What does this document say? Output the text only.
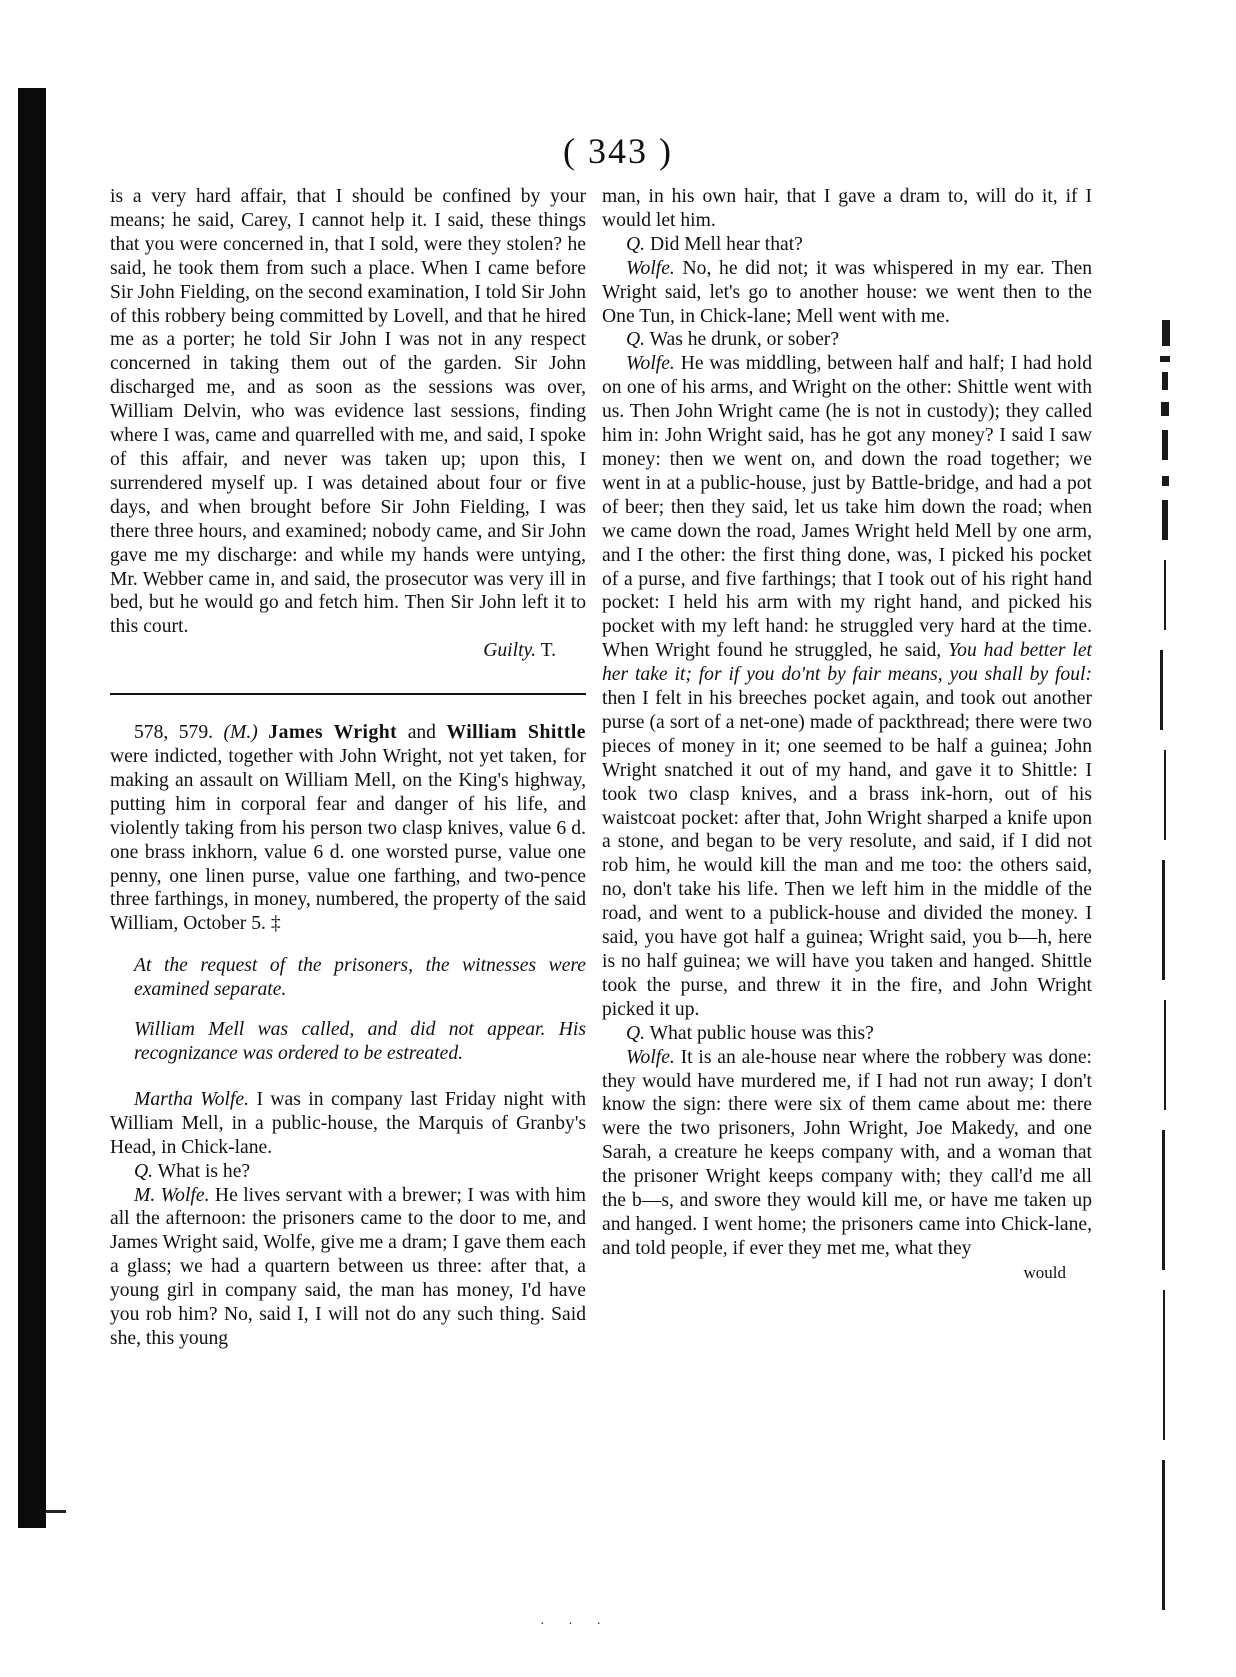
( 343 )

is a very hard affair, that I should be confined by your means; he said, Carey, I cannot help it. I said, these things that you were concerned in, that I sold, were they stolen? he said, he took them from such a place. When I came before Sir John Fielding, on the second examination, I told Sir John of this robbery being committed by Lovell, and that he hired me as a porter; he told Sir John I was not in any respect concerned in taking them out of the garden. Sir John discharged me, and as soon as the sessions was over, William Delvin, who was evidence last sessions, finding where I was, came and quarrelled with me, and said, I spoke of this affair, and never was taken up; upon this, I surrendered myself up. I was detained about four or five days, and when brought before Sir John Fielding, I was there three hours, and examined; nobody came, and Sir John gave me my discharge: and while my hands were untying, Mr. Webber came in, and said, the prosecutor was very ill in bed, but he would go and fetch him. Then Sir John left it to this court.

Guilty. T.

578, 579. (M.) James Wright and William Shittle were indicted, together with John Wright, not yet taken, for making an assault on William Mell, on the King's highway, putting him in corporal fear and danger of his life, and violently taking from his person two clasp knives, value 6 d. one brass inkhorn, value 6 d. one worsted purse, value one penny, one linen purse, value one farthing, and two-pence three farthings, in money, numbered, the property of the said William, October 5. ‡

At the request of the prisoners, the witnesses were examined separate.

William Mell was called, and did not appear. His recognizance was ordered to be estreated.

Martha Wolfe. I was in company last Friday night with William Mell, in a public-house, the Marquis of Granby's Head, in Chick-lane.

Q. What is he?

M. Wolfe. He lives servant with a brewer; I was with him all the afternoon: the prisoners came to the door to me, and James Wright said, Wolfe, give me a dram; I gave them each a glass; we had a quartern between us three: after that, a young girl in company said, the man has money, I'd have you rob him? No, said I, I will not do any such thing. Said she, this young

man, in his own hair, that I gave a dram to, will do it, if I would let him.

Q. Did Mell hear that?

Wolfe. No, he did not; it was whispered in my ear. Then Wright said, let's go to another house: we went then to the One Tun, in Chick-lane; Mell went with me.

Q. Was he drunk, or sober?

Wolfe. He was middling, between half and half; I had hold on one of his arms, and Wright on the other: Shittle went with us. Then John Wright came (he is not in custody); they called him in: John Wright said, has he got any money? I said I saw money: then we went on, and down the road together; we went in at a public-house, just by Battle-bridge, and had a pot of beer; then they said, let us take him down the road; when we came down the road, James Wright held Mell by one arm, and I the other: the first thing done, was, I picked his pocket of a purse, and five farthings; that I took out of his right hand pocket: I held his arm with my right hand, and picked his pocket with my left hand: he struggled very hard at the time. When Wright found he struggled, he said, You had better let her take it; for if you do'nt by fair means, you shall by foul: then I felt in his breeches pocket again, and took out another purse (a sort of a net-one) made of packthread; there were two pieces of money in it; one seemed to be half a guinea; John Wright snatched it out of my hand, and gave it to Shittle: I took two clasp knives, and a brass ink-horn, out of his waistcoat pocket: after that, John Wright sharped a knife upon a stone, and began to be very resolute, and said, if I did not rob him, he would kill the man and me too: the others said, no, don't take his life. Then we left him in the middle of the road, and went to a publick-house and divided the money. I said, you have got half a guinea; Wright said, you b—h, here is no half guinea; we will have you taken and hanged. Shittle took the purse, and threw it in the fire, and John Wright picked it up.

Q. What public house was this?

Wolfe. It is an ale-house near where the robbery was done: they would have murdered me, if I had not run away; I don't know the sign: there were six of them came about me: there were the two prisoners, John Wright, Joe Makedy, and one Sarah, a creature he keeps company with, and a woman that the prisoner Wright keeps company with; they call'd me all the b—s, and swore they would kill me, or have me taken up and hanged. I went home; the prisoners came into Chick-lane, and told people, if ever they met me, what they

would

· · ·
